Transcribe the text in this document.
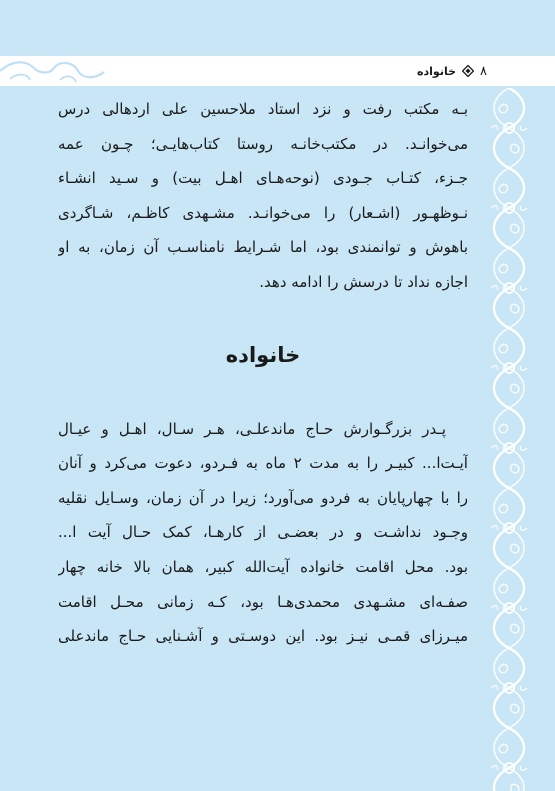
۸
خانواده

بـه مکتب رفت و نزد استاد ملاحسین علی اردهالی درس

می‌خوانـد. در مکتب‌خانـه روستا کتاب‌هایـی؛ چـون عمه

جـزء، کتـاب جـودی (نوحه‌هـای اهـل بیت) و سـید انشـاء

نـوظهـور (اشـعار) را می‌خوانـد. مشـهدی کاظـم، شـاگردی

باهوش و توانمندی بود، اما شـرایط نامناسـب آن زمان، به او

اجازه نداد تا درسش را ادامه دهد.

خانواده

پـدر بزرگـوارش حـاج ماندعلـی، هـر سـال، اهـل و عیـال

آیـت‌ا... کبیـر را به مدت ۲ ماه به فـردو، دعوت می‌کرد و آنان

را با چهارپایان به فردو می‌آورد؛ زیرا در آن زمان، وسـایل نقلیه

وجـود نداشـت و در بعضـی از کارهـا، کمک حـال آیت ا...

بود. محل اقامت خانواده آیت‌الله کبیر، همان بالا خانه چهار

صفـه‌ای مشـهدی محمدی‌هـا بود، کـه زمانی محـل اقامت

میـرزای قمـی نیـز بود. این دوسـتی و آشـنایی حـاج ماندعلی
